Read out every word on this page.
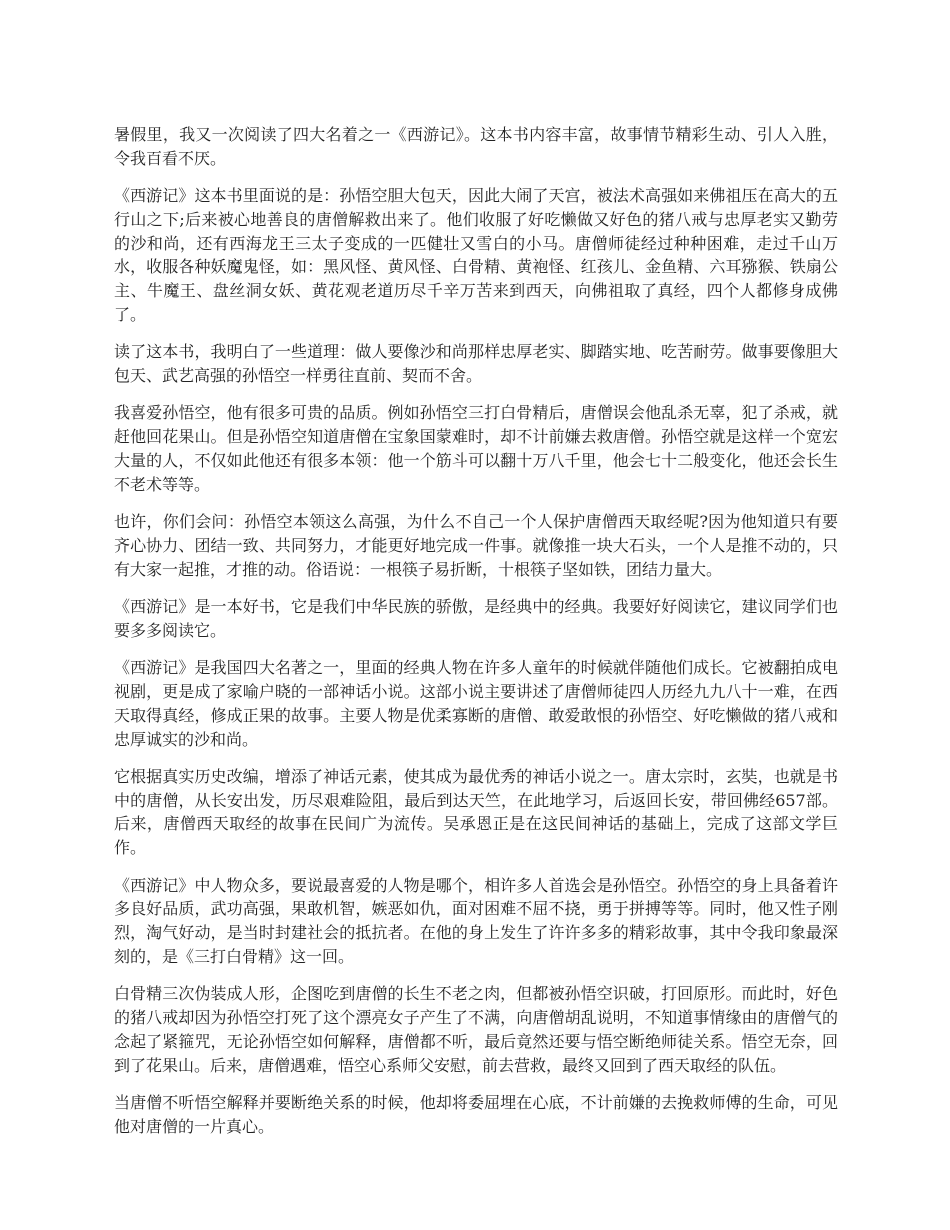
暑假里，我又一次阅读了四大名着之一《西游记》。这本书内容丰富，故事情节精彩生动、引人入胜，令我百看不厌。

《西游记》这本书里面说的是：孙悟空胆大包天，因此大闹了天宫，被法术高强如来佛祖压在高大的五行山之下;后来被心地善良的唐僧解救出来了。他们收服了好吃懒做又好色的猪八戒与忠厚老实又勤劳的沙和尚，还有西海龙王三太子变成的一匹健壮又雪白的小马。唐僧师徒经过种种困难，走过千山万水，收服各种妖魔鬼怪，如：黑风怪、黄风怪、白骨精、黄袍怪、红孩儿、金鱼精、六耳猕猴、铁扇公主、牛魔王、盘丝洞女妖、黄花观老道历尽千辛万苦来到西天，向佛祖取了真经，四个人都修身成佛了。

读了这本书，我明白了一些道理：做人要像沙和尚那样忠厚老实、脚踏实地、吃苦耐劳。做事要像胆大包天、武艺高强的孙悟空一样勇往直前、契而不舍。

我喜爱孙悟空，他有很多可贵的品质。例如孙悟空三打白骨精后，唐僧误会他乱杀无辜，犯了杀戒，就赶他回花果山。但是孙悟空知道唐僧在宝象国蒙难时，却不计前嫌去救唐僧。孙悟空就是这样一个宽宏大量的人，不仅如此他还有很多本领：他一个筋斗可以翻十万八千里，他会七十二般变化，他还会长生不老术等等。

也许，你们会问：孙悟空本领这么高强，为什么不自己一个人保护唐僧西天取经呢?因为他知道只有要齐心协力、团结一致、共同努力，才能更好地完成一件事。就像推一块大石头，一个人是推不动的，只有大家一起推，才推的动。俗语说：一根筷子易折断，十根筷子坚如铁，团结力量大。

《西游记》是一本好书，它是我们中华民族的骄傲，是经典中的经典。我要好好阅读它，建议同学们也要多多阅读它。

《西游记》是我国四大名著之一，里面的经典人物在许多人童年的时候就伴随他们成长。它被翻拍成电视剧，更是成了家喻户晓的一部神话小说。这部小说主要讲述了唐僧师徒四人历经九九八十一难，在西天取得真经，修成正果的故事。主要人物是优柔寡断的唐僧、敢爱敢恨的孙悟空、好吃懒做的猪八戒和忠厚诚实的沙和尚。

它根据真实历史改编，增添了神话元素，使其成为最优秀的神话小说之一。唐太宗时，玄奘，也就是书中的唐僧，从长安出发，历尽艰难险阻，最后到达天竺，在此地学习，后返回长安，带回佛经657部。后来，唐僧西天取经的故事在民间广为流传。吴承恩正是在这民间神话的基础上，完成了这部文学巨作。

《西游记》中人物众多，要说最喜爱的人物是哪个，相许多人首选会是孙悟空。孙悟空的身上具备着许多良好品质，武功高强，果敢机智，嫉恶如仇，面对困难不屈不挠，勇于拼搏等等。同时，他又性子刚烈，淘气好动，是当时封建社会的抵抗者。在他的身上发生了许许多多的精彩故事，其中令我印象最深刻的，是《三打白骨精》这一回。

白骨精三次伪装成人形，企图吃到唐僧的长生不老之肉，但都被孙悟空识破，打回原形。而此时，好色的猪八戒却因为孙悟空打死了这个漂亮女子产生了不满，向唐僧胡乱说明，不知道事情缘由的唐僧气的念起了紧箍咒，无论孙悟空如何解释，唐僧都不听，最后竟然还要与悟空断绝师徒关系。悟空无奈，回到了花果山。后来，唐僧遇难，悟空心系师父安慰，前去营救，最终又回到了西天取经的队伍。

当唐僧不听悟空解释并要断绝关系的时候，他却将委屈埋在心底，不计前嫌的去挽救师傅的生命，可见他对唐僧的一片真心。
